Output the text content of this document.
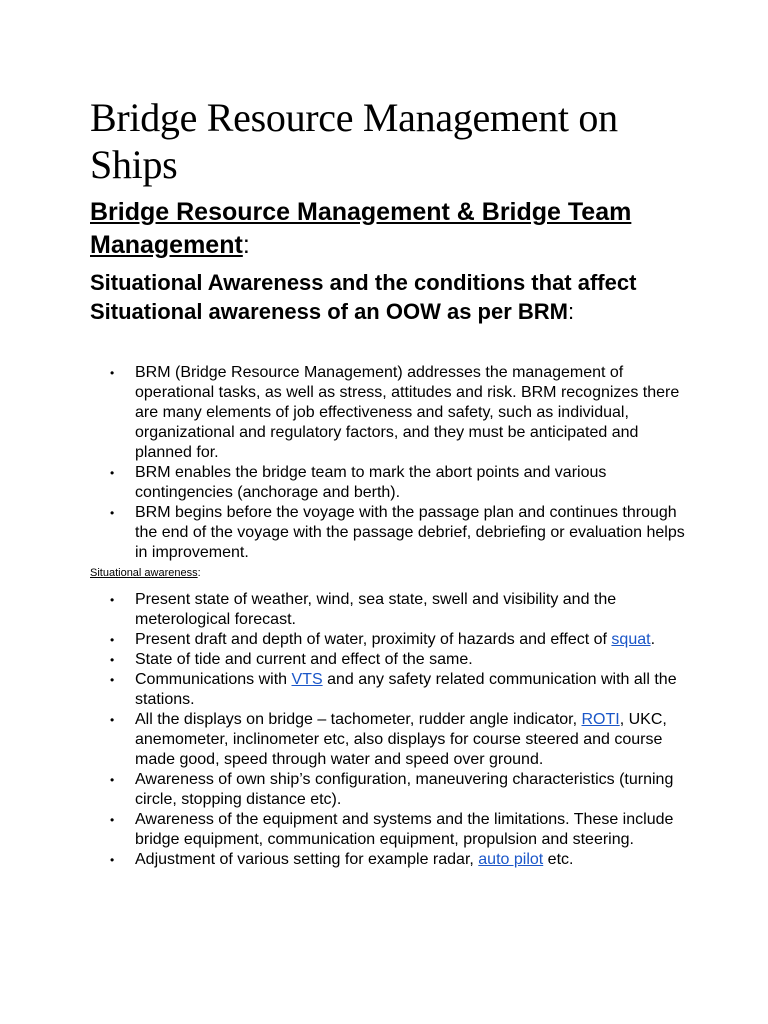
Bridge Resource Management on Ships
Bridge Resource Management & Bridge Team Management:
Situational Awareness and the conditions that affect Situational awareness of an OOW as per BRM:
• BRM (Bridge Resource Management) addresses the management of operational tasks, as well as stress, attitudes and risk. BRM recognizes there are many elements of job effectiveness and safety, such as individual, organizational and regulatory factors, and they must be anticipated and planned for.
• BRM enables the bridge team to mark the abort points and various contingencies (anchorage and berth).
• BRM begins before the voyage with the passage plan and continues through the end of the voyage with the passage debrief, debriefing or evaluation helps in improvement.

Situational awareness:

• Present state of weather, wind, sea state, swell and visibility and the meterological forecast.
• Present draft and depth of water, proximity of hazards and effect of squat.
• State of tide and current and effect of the same.
• Communications with VTS and any safety related communication with all the stations.
• All the displays on bridge – tachometer, rudder angle indicator, ROTI, UKC, anemometer, inclinometer etc, also displays for course steered and course made good, speed through water and speed over ground.
• Awareness of own ship’s configuration, maneuvering characteristics (turning circle, stopping distance etc).
• Awareness of the equipment and systems and the limitations. These include bridge equipment, communication equipment, propulsion and steering.
• Adjustment of various setting for example radar, auto pilot etc.
